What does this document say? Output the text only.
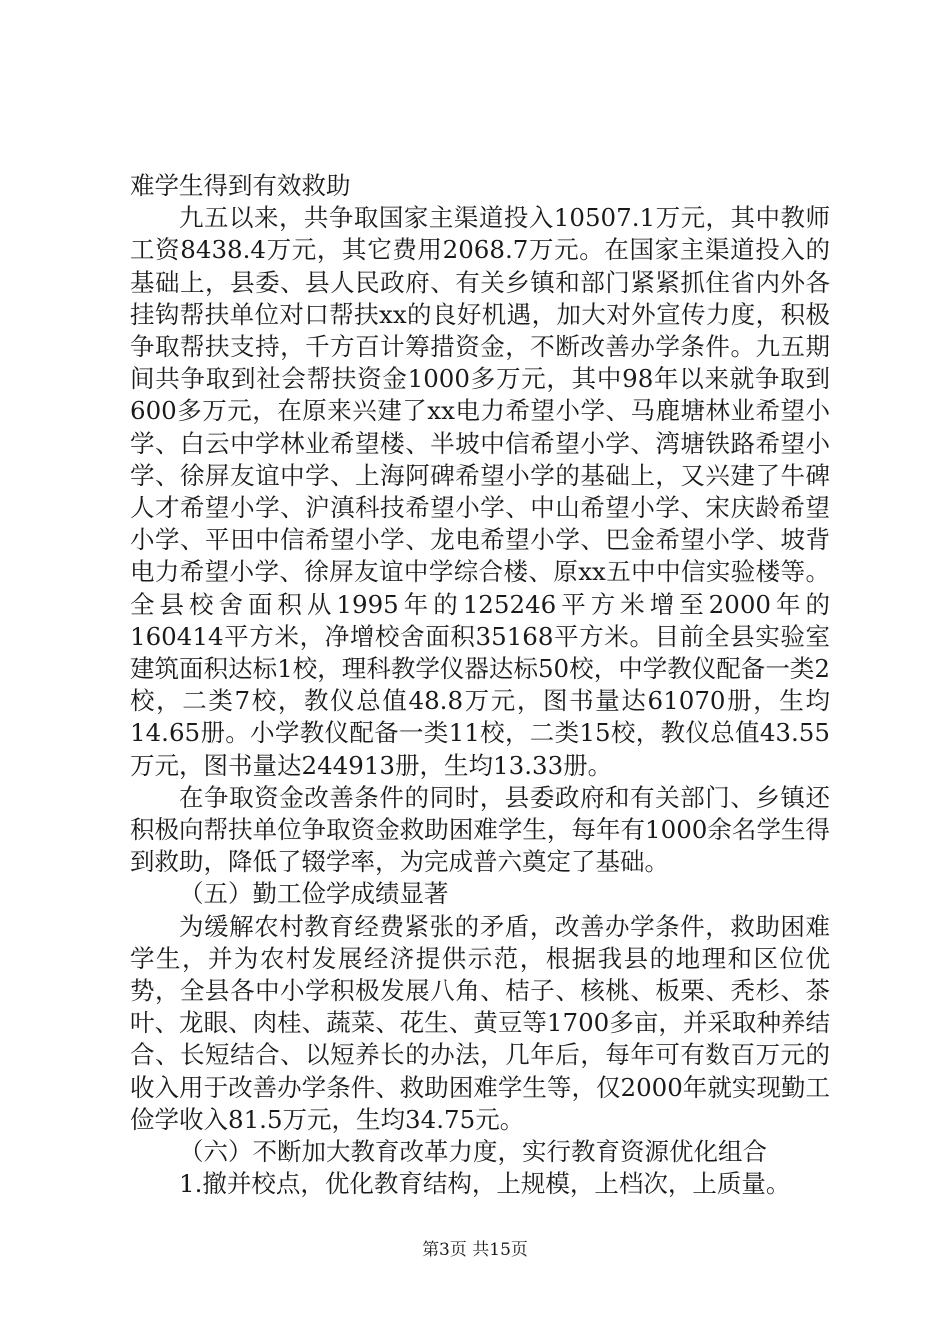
难学生得到有效救助

九五以来，共争取国家主渠道投入10507.1万元，其中教师工资8438.4万元，其它费用2068.7万元。在国家主渠道投入的基础上，县委、县人民政府、有关乡镇和部门紧紧抓住省内外各挂钩帮扶单位对口帮扶xx的良好机遇，加大对外宣传力度，积极争取帮扶支持，千方百计筹措资金，不断改善办学条件。九五期间共争取到社会帮扶资金1000多万元，其中98年以来就争取到600多万元，在原来兴建了xx电力希望小学、马鹿塘林业希望小学、白云中学林业希望楼、半坡中信希望小学、湾塘铁路希望小学、徐屏友谊中学、上海阿碑希望小学的基础上，又兴建了牛碑人才希望小学、沪滇科技希望小学、中山希望小学、宋庆龄希望小学、平田中信希望小学、龙电希望小学、巴金希望小学、坡背电力希望小学、徐屏友谊中学综合楼、原xx五中中信实验楼等。全县校舍面积从1995年的125246平方米增至2000年的160414平方米，净增校舍面积35168平方米。目前全县实验室建筑面积达标1校，理科教学仪器达标50校，中学教仪配备一类2校，二类7校，教仪总值48.8万元，图书量达61070册，生均14.65册。小学教仪配备一类11校，二类15校，教仪总值43.55万元，图书量达244913册，生均13.33册。

在争取资金改善条件的同时，县委政府和有关部门、乡镇还积极向帮扶单位争取资金救助困难学生，每年有1000余名学生得到救助，降低了辍学率，为完成普六奠定了基础。

（五）勤工俭学成绩显著

为缓解农村教育经费紧张的矛盾，改善办学条件，救助困难学生，并为农村发展经济提供示范，根据我县的地理和区位优势，全县各中小学积极发展八角、桔子、核桃、板栗、秃杉、茶叶、龙眼、肉桂、蔬菜、花生、黄豆等1700多亩，并采取种养结合、长短结合、以短养长的办法，几年后，每年可有数百万元的收入用于改善办学条件、救助困难学生等，仅2000年就实现勤工俭学收入81.5万元，生均34.75元。

（六）不断加大教育改革力度，实行教育资源优化组合

1.撤并校点，优化教育结构，上规模，上档次，上质量。

第3页 共15页
